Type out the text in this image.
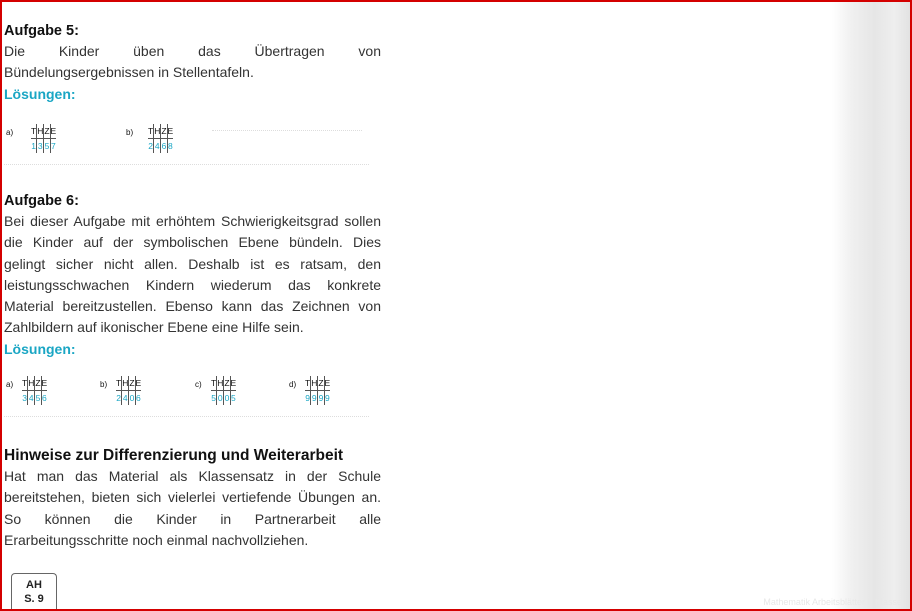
Aufgabe 5:

Die Kinder üben das Übertragen von Bündelungsergebnissen in Stellentafeln.

Lösungen:
a) T	H	Z	E
1	3	5	7
b) T	H	Z	E
2	4	6	8
Aufgabe 6:

Bei dieser Aufgabe mit erhöhtem Schwierigkeitsgrad sollen die Kinder auf der symbolischen Ebene bündeln. Dies gelingt sicher nicht allen. Deshalb ist es ratsam, den leistungsschwachen Kindern wiederum das konkrete Material bereitzustellen. Ebenso kann das Zeichnen von Zahlbildern auf ikonischer Ebene eine Hilfe sein.

Lösungen:
a) T	H	Z	E
3	4	5	6
b) T	H	Z	E
2	4	0	6
c) T	H	Z	E
5	0	0	5
d) T	H	Z	E
9	9	9	9
Hinweise zur Differenzierung und Weiterarbeit

Hat man das Material als Klassensatz in der Schule bereitstehen, bieten sich vielerlei vertiefende Übungen an. So können die Kinder in Partnerarbeit alle Erarbeitungsschritte noch einmal nachvollziehen.

AH
S. 9	Mathematik Arbeitsblätter 5 Klasse
